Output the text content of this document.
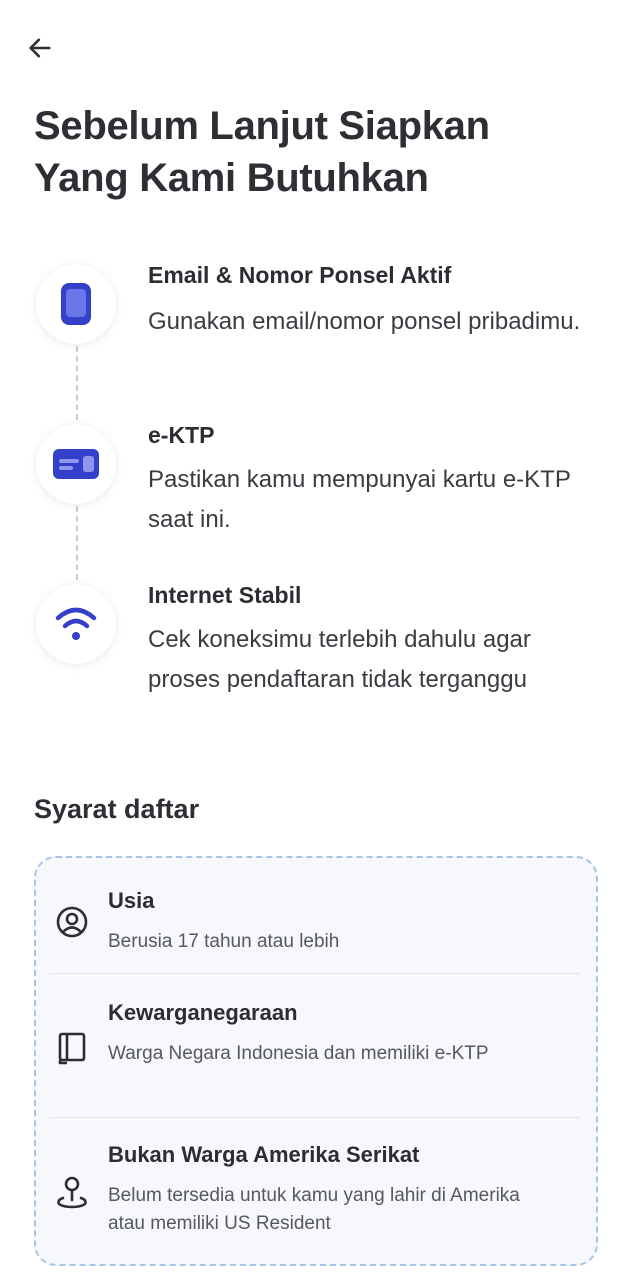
Sebelum Lanjut Siapkan Yang Kami Butuhkan
Email & Nomor Ponsel Aktif
Gunakan email/nomor ponsel pribadimu.
e-KTP
Pastikan kamu mempunyai kartu e-KTP saat ini.
Internet Stabil
Cek koneksimu terlebih dahulu agar proses pendaftaran tidak terganggu
Syarat daftar
Usia
Berusia 17 tahun atau lebih
Kewarganegaraan
Warga Negara Indonesia dan memiliki e-KTP
Bukan Warga Amerika Serikat
Belum tersedia untuk kamu yang lahir di Amerika atau memiliki US Resident
